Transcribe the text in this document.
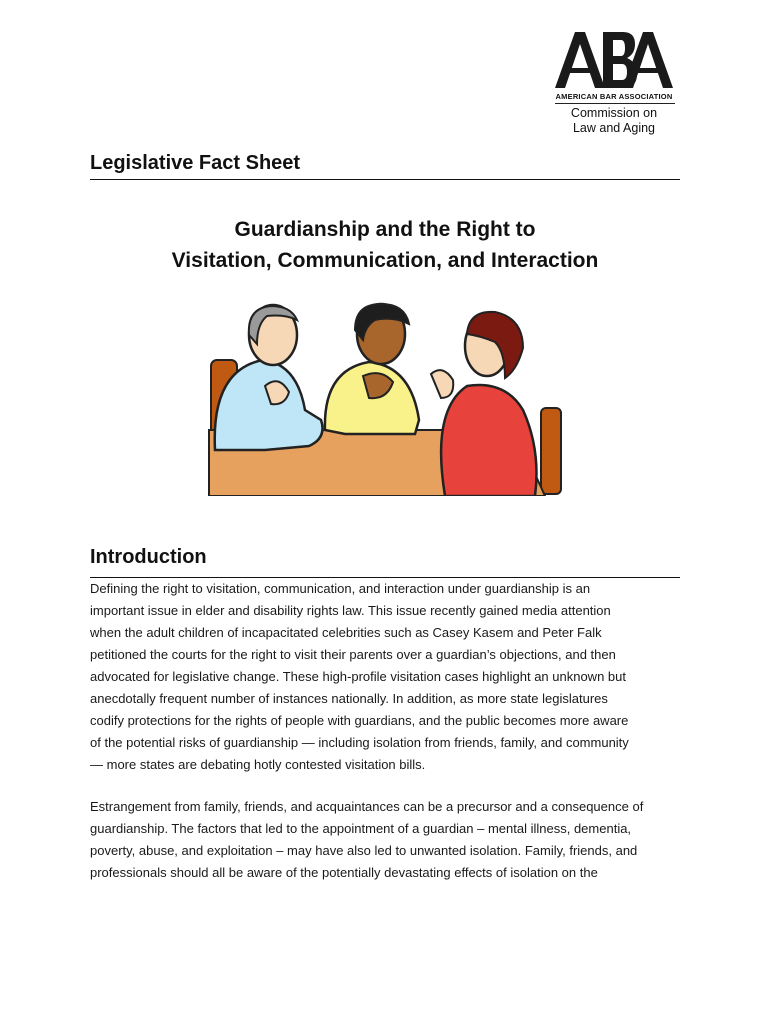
AMERICAN BAR ASSOCIATION
Commission on
Law and Aging
Legislative Fact Sheet
Guardianship and the Right to
Visitation, Communication, and Interaction
Introduction
Defining the right to visitation, communication, and interaction under guardianship is an
important issue in elder and disability rights law. This issue recently gained media attention
when the adult children of incapacitated celebrities such as Casey Kasem and Peter Falk
petitioned the courts for the right to visit their parents over a guardian’s objections, and then
advocated for legislative change. These high-profile visitation cases highlight an unknown but
anecdotally frequent number of instances nationally. In addition, as more state legislatures
codify protections for the rights of people with guardians, and the public becomes more aware
of the potential risks of guardianship — including isolation from friends, family, and community
— more states are debating hotly contested visitation bills.
Estrangement from family, friends, and acquaintances can be a precursor and a consequence of
guardianship. The factors that led to the appointment of a guardian – mental illness, dementia,
poverty, abuse, and exploitation – may have also led to unwanted isolation. Family, friends, and
professionals should all be aware of the potentially devastating effects of isolation on the
